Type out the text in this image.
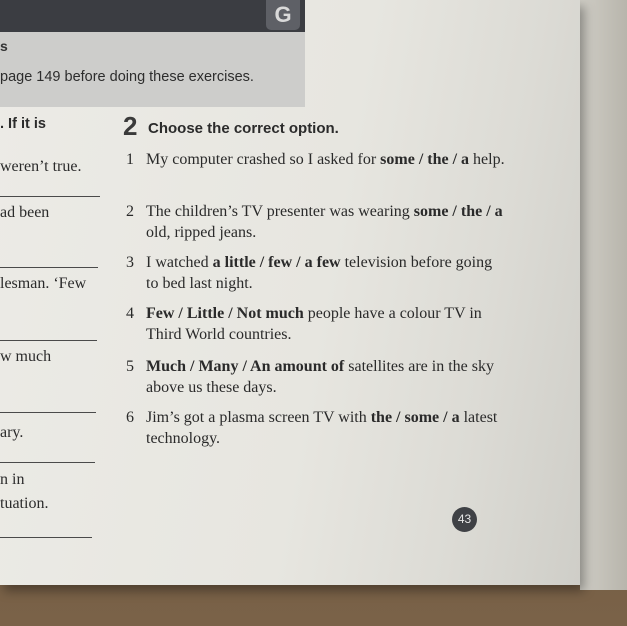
G
s
page 149 before doing these exercises.
. If it is
weren’t true.
ad been
lesman. ‘Few
w much
ary.
n in
tuation.
2 Choose the correct option.
1 My computer crashed so I asked for some / the / a help.
2 The children’s TV presenter was wearing some / the / a old, ripped jeans.
3 I watched a little / few / a few television before going to bed last night.
4 Few / Little / Not much people have a colour TV in Third World countries.
5 Much / Many / An amount of satellites are in the sky above us these days.
6 Jim’s got a plasma screen TV with the / some / a latest technology.
43
